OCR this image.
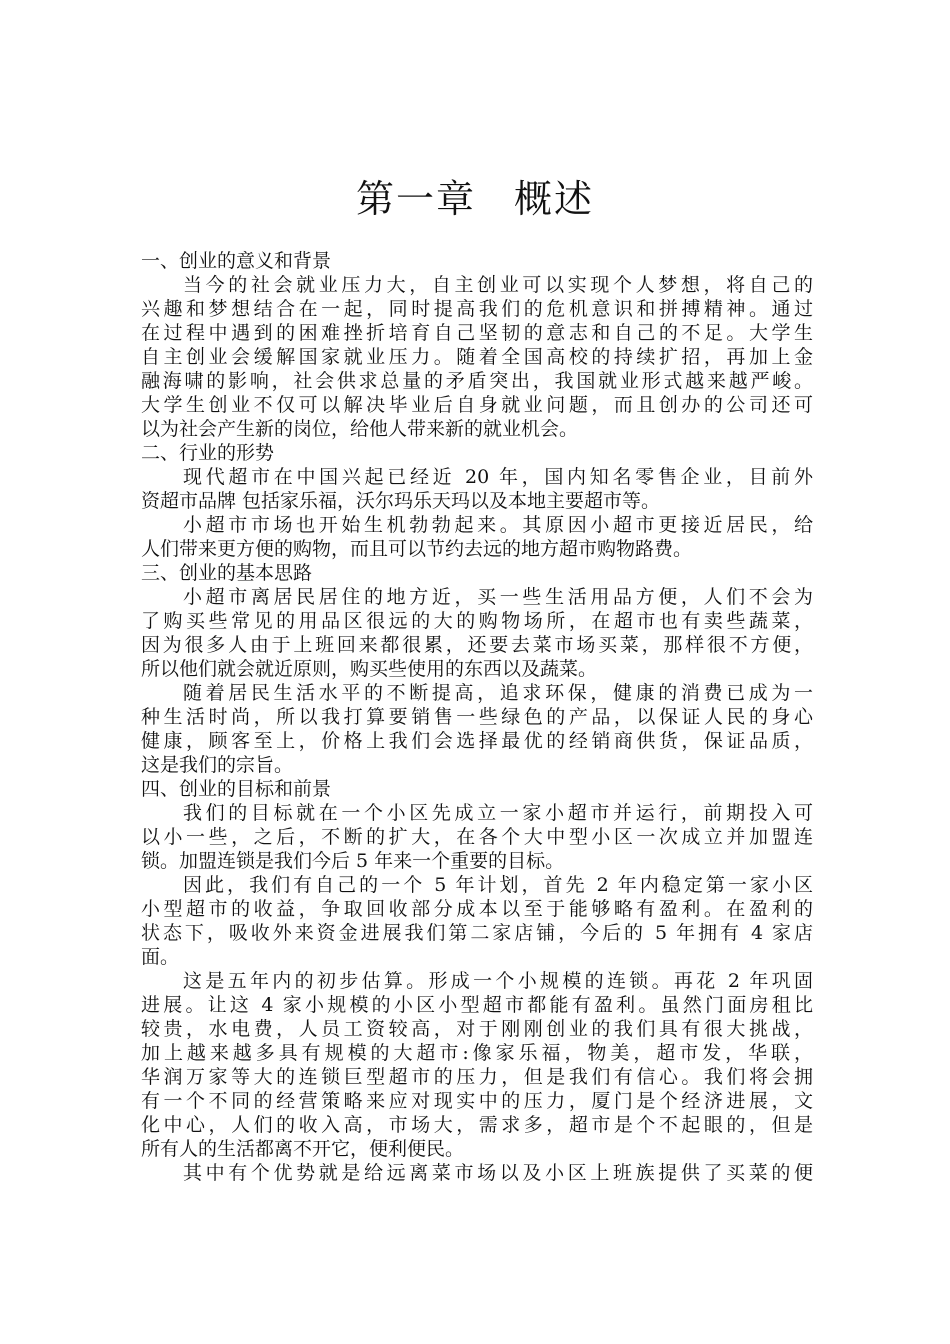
第一章 概述
一、创业的意义和背景
当今的社会就业压力大，自主创业可以实现个人梦想，将自己的
兴趣和梦想结合在一起，同时提高我们的危机意识和拼搏精神。通过
在过程中遇到的困难挫折培育自己坚韧的意志和自己的不足。大学生
自主创业会缓解国家就业压力。随着全国高校的持续扩招，再加上金
融海啸的影响，社会供求总量的矛盾突出，我国就业形式越来越严峻。
大学生创业不仅可以解决毕业后自身就业问题，而且创办的公司还可
以为社会产生新的岗位，给他人带来新的就业机会。
二、行业的形势
现代超市在中国兴起已经近 20 年，国内知名零售企业，目前外
资超市品牌 包括家乐福，沃尔玛乐天玛以及本地主要超市等。
小超市市场也开始生机勃勃起来。其原因小超市更接近居民，给
人们带来更方便的购物，而且可以节约去远的地方超市购物路费。
三、创业的基本思路
小超市离居民居住的地方近，买一些生活用品方便，人们不会为
了购买些常见的用品区很远的大的购物场所，在超市也有卖些蔬菜，
因为很多人由于上班回来都很累，还要去菜市场买菜，那样很不方便，
所以他们就会就近原则，购买些使用的东西以及蔬菜。
随着居民生活水平的不断提高，追求环保，健康的消费已成为一
种生活时尚，所以我打算要销售一些绿色的产品，以保证人民的身心
健康，顾客至上，价格上我们会选择最优的经销商供货，保证品质，
这是我们的宗旨。
四、创业的目标和前景
我们的目标就在一个小区先成立一家小超市并运行，前期投入可
以小一些，之后，不断的扩大，在各个大中型小区一次成立并加盟连
锁。加盟连锁是我们今后 5 年来一个重要的目标。
因此，我们有自己的一个 5 年计划，首先 2 年内稳定第一家小区
小型超市的收益，争取回收部分成本以至于能够略有盈利。在盈利的
状态下，吸收外来资金进展我们第二家店铺，今后的 5 年拥有 4 家店
面。
这是五年内的初步估算。形成一个小规模的连锁。再花 2 年巩固
进展。让这 4 家小规模的小区小型超市都能有盈利。虽然门面房租比
较贵，水电费，人员工资较高，对于刚刚创业的我们具有很大挑战，
加上越来越多具有规模的大超市:像家乐福，物美，超市发，华联，
华润万家等大的连锁巨型超市的压力，但是我们有信心。我们将会拥
有一个不同的经营策略来应对现实中的压力，厦门是个经济进展，文
化中心，人们的收入高，市场大，需求多，超市是个不起眼的，但是
所有人的生活都离不开它，便利便民。
其中有个优势就是给远离菜市场以及小区上班族提供了买菜的便
